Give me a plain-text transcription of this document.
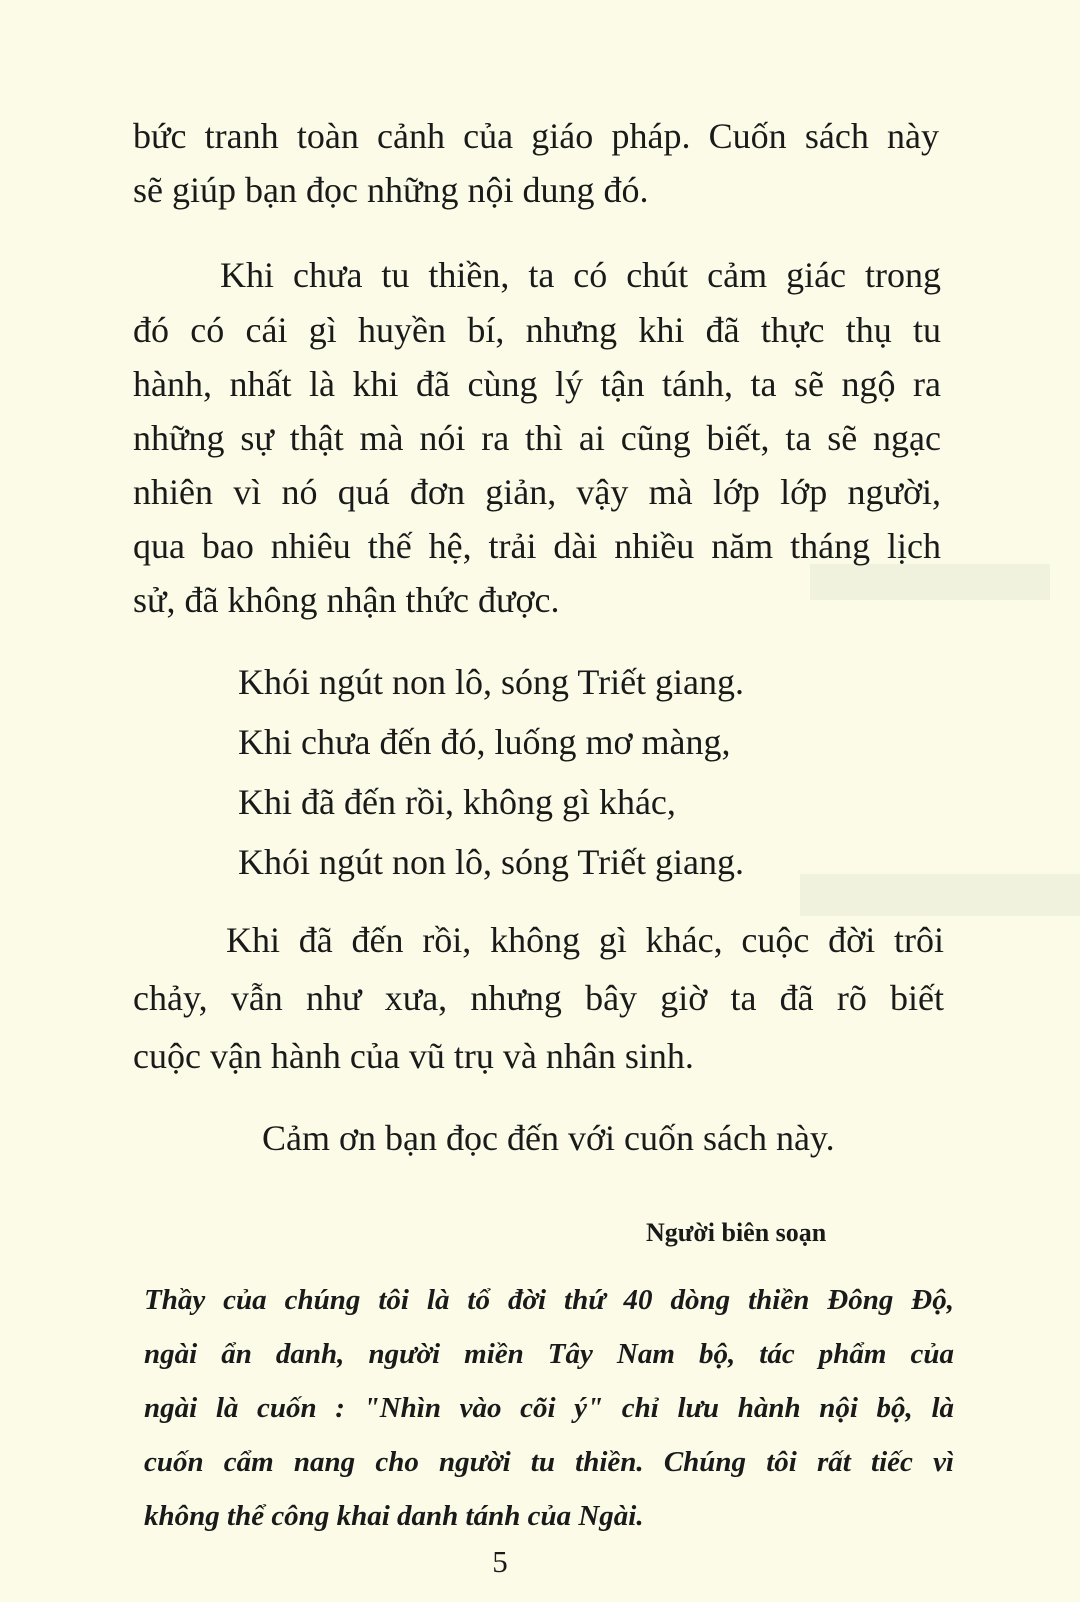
▬▬
▬▬
bức tranh toàn cảnh của giáo pháp. Cuốn sách này
sẽ giúp bạn đọc những nội dung đó.
Khi chưa tu thiền, ta có chút cảm giác trong
đó có cái gì huyền bí, nhưng khi đã thực thụ tu
hành, nhất là khi đã cùng lý tận tánh, ta sẽ ngộ ra
những sự thật mà nói ra thì ai cũng biết, ta sẽ ngạc
nhiên vì nó quá đơn giản, vậy mà lớp lớp người,
qua bao nhiêu thế hệ, trải dài nhiều năm tháng lịch
sử, đã không nhận thức được.
Khói ngút non lô, sóng Triết giang.
Khi chưa đến đó, luống mơ màng,
Khi đã đến rồi, không gì khác,
Khói ngút non lô, sóng Triết giang.
Khi đã đến rồi, không gì khác, cuộc đời trôi
chảy, vẫn như xưa, nhưng bây giờ ta đã rõ biết
cuộc vận hành của vũ trụ và nhân sinh.
Cảm ơn bạn đọc đến với cuốn sách này.
Người biên soạn
Thầy của chúng tôi là tổ đời thứ 40 dòng thiền Đông Độ,
ngài ẩn danh, người miền Tây Nam bộ, tác phẩm của
ngài là cuốn : "Nhìn vào cõi ý" chỉ lưu hành nội bộ, là
cuốn cẩm nang cho người tu thiền. Chúng tôi rất tiếc vì
không thể công khai danh tánh của Ngài.
5
